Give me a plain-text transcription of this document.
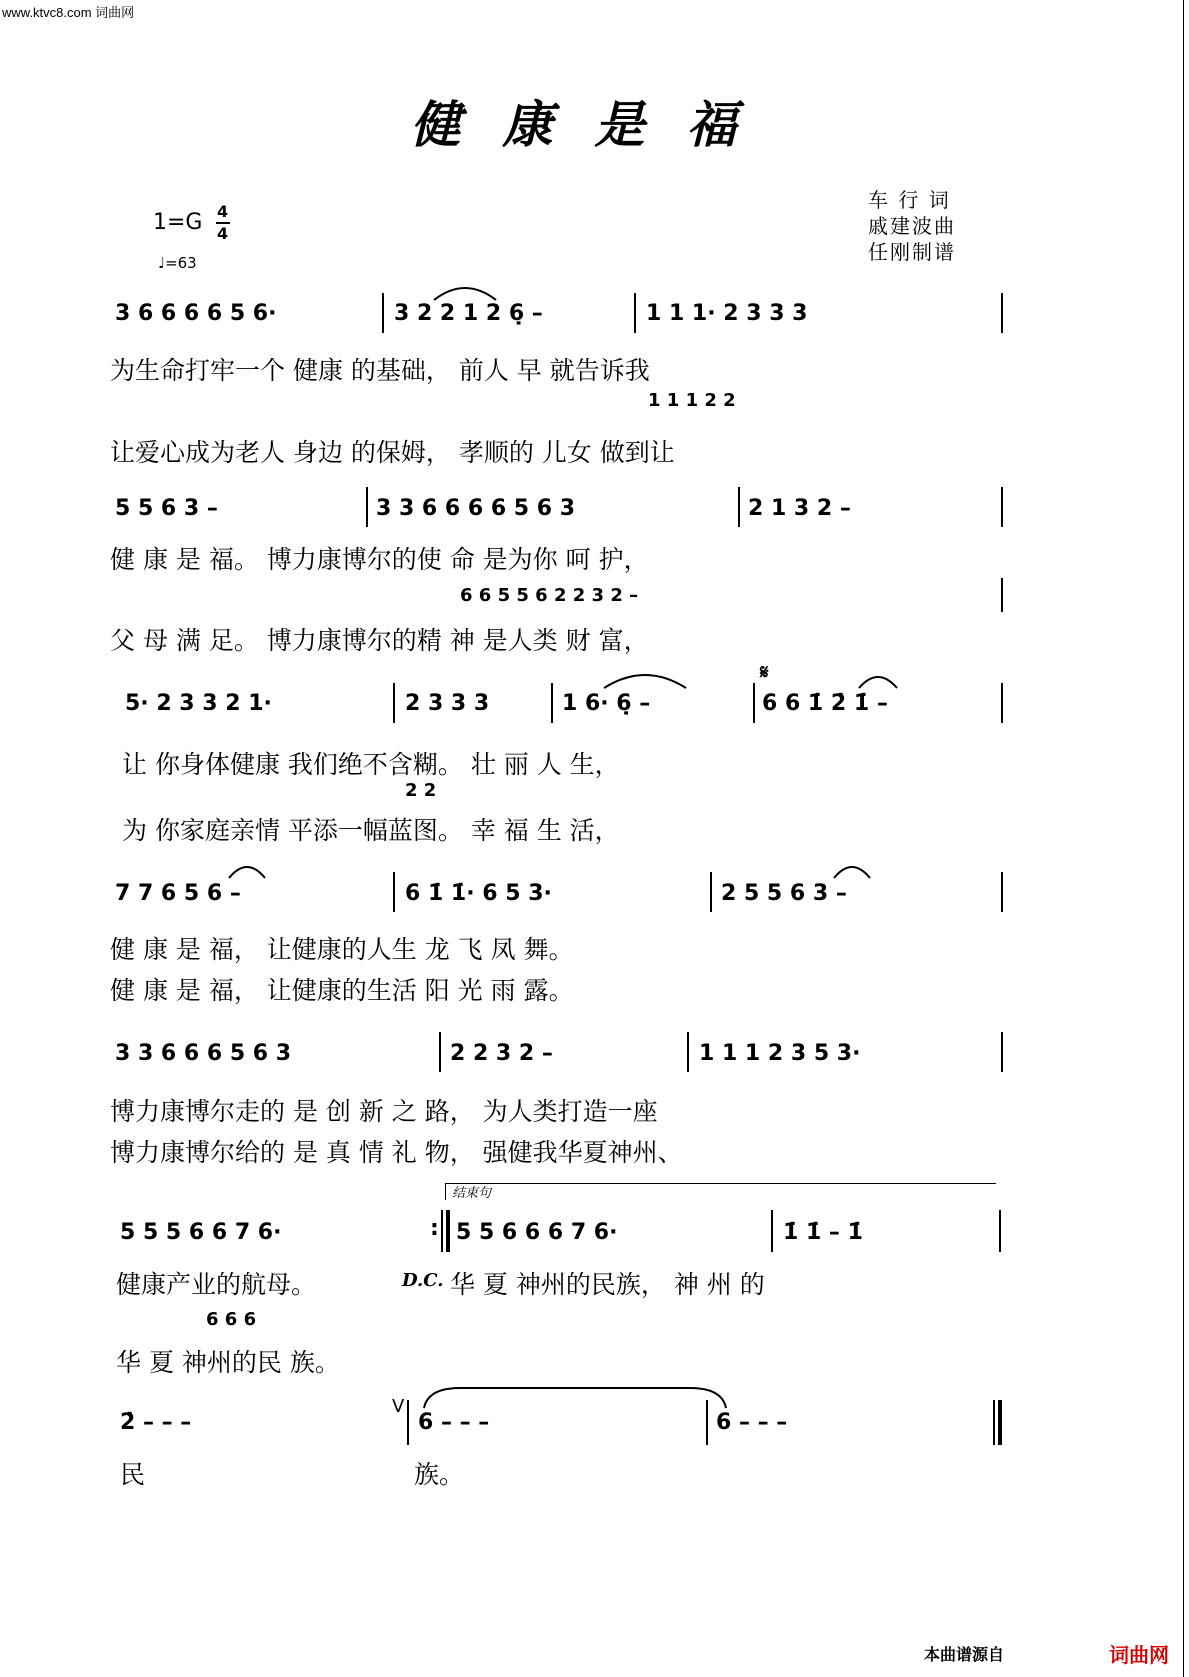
www.ktvc8.com 词曲网
健康是福
1=G 4
4
♩=63
车 行 词
戚建波曲
任刚制谱
3 6 6 6 6 5 6·	3 2 2 1 2 6̣ –	1 1 1· 2 3 3 3
为生命打牢一个 健康 的基础， 前人 早 就告诉我
1 1 1 2 2
让爱心成为老人 身边 的保姆， 孝顺的 儿女 做到让
5 5 6 3 –	3 3 6 6 6 6 5 6 3	2 1 3 2 –
健 康 是 福。 博力康博尔的使 命 是为你 呵 护，
6 6 5 5 6 2 2 3 2 –
父 母 满 足。 博力康博尔的精 神 是人类 财 富，
𝄋
5· 2 3 3 2 1·	2 3 3 3	1 6· 6̣ –	6 6 1̇ 2̇ 1̇ –
让 你身体健康 我们绝不含糊。 壮 丽 人 生，
2 2
为 你家庭亲情 平添一幅蓝图。 幸 福 生 活，
7 7 6 5 6 –	6 1̇ 1̇· 6 5 3·	2 5 5 6 3 –
健 康 是 福， 让健康的人生 龙 飞 凤 舞。
健 康 是 福， 让健康的生活 阳 光 雨 露。
3 3 6 6 6 5 6 3	2 2 3 2 –	1 1 1 2 3 5 3·
博力康博尔走的 是 创 新 之 路， 为人类打造一座
博力康博尔给的 是 真 情 礼 物， 强健我华夏神州、
结束句
5 5 5 6 6 7 6·	: 5 5 6 6 6 7 6·	1̇ 1̇ – 1̇
健康产业的航母。	D.C. 华 夏 神州的民族， 神 州 的
6 6 6
华 夏 神州的民 族。
2̇ – – –
V
6 – – –	6 – – –
民	族。
本曲谱源自	词曲网
